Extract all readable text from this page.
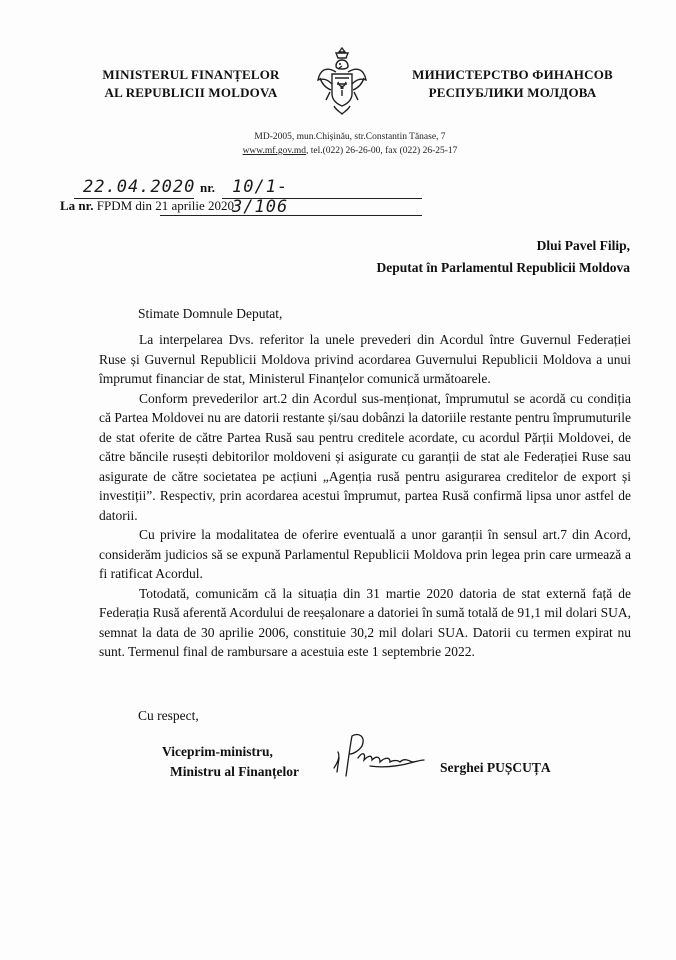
MINISTERUL FINANȚELOR
AL REPUBLICII MOLDOVA
МИНИСТЕРСТВО ФИНАНСОВ
РЕСПУБЛИКИ МОЛДОВА
MD-2005, mun.Chișinău, str.Constantin Tănase, 7
www.mf.gov.md, tel.(022) 26-26-00, fax (022) 26-25-17
22.04.2020 nr. 10/1-3/106
La nr. FPDM din 21 aprilie 2020
Dlui Pavel Filip,
Deputat în Parlamentul Republicii Moldova
Stimate Domnule Deputat,

La interpelarea Dvs. referitor la unele prevederi din Acordul între Guvernul Federației Ruse și Guvernul Republicii Moldova privind acordarea Guvernului Republicii Moldova a unui împrumut financiar de stat, Ministerul Finanțelor comunică următoarele.

Conform prevederilor art.2 din Acordul sus-menționat, împrumutul se acordă cu condiția că Partea Moldovei nu are datorii restante și/sau dobânzi la datoriile restante pentru împrumuturile de stat oferite de către Partea Rusă sau pentru creditele acordate, cu acordul Părții Moldovei, de către băncile rusești debitorilor moldoveni și asigurate cu garanții de stat ale Federației Ruse sau asigurate de către societatea pe acțiuni „Agenția rusă pentru asigurarea creditelor de export și investiții”. Respectiv, prin acordarea acestui împrumut, partea Rusă confirmă lipsa unor astfel de datorii.

Cu privire la modalitatea de oferire eventuală a unor garanții în sensul art.7 din Acord, considerăm judicios să se expună Parlamentul Republicii Moldova prin legea prin care urmează a fi ratificat Acordul.

Totodată, comunicăm că la situația din 31 martie 2020 datoria de stat externă față de Federația Rusă aferentă Acordului de reeșalonare a datoriei în sumă totală de 91,1 mil dolari SUA, semnat la data de 30 aprilie 2006, constituie 30,2 mil dolari SUA. Datorii cu termen expirat nu sunt. Termenul final de rambursare a acestuia este 1 septembrie 2022.

Cu respect,
Viceprim-ministru,
Ministru al Finanțelor	Serghei PUȘCUȚA
